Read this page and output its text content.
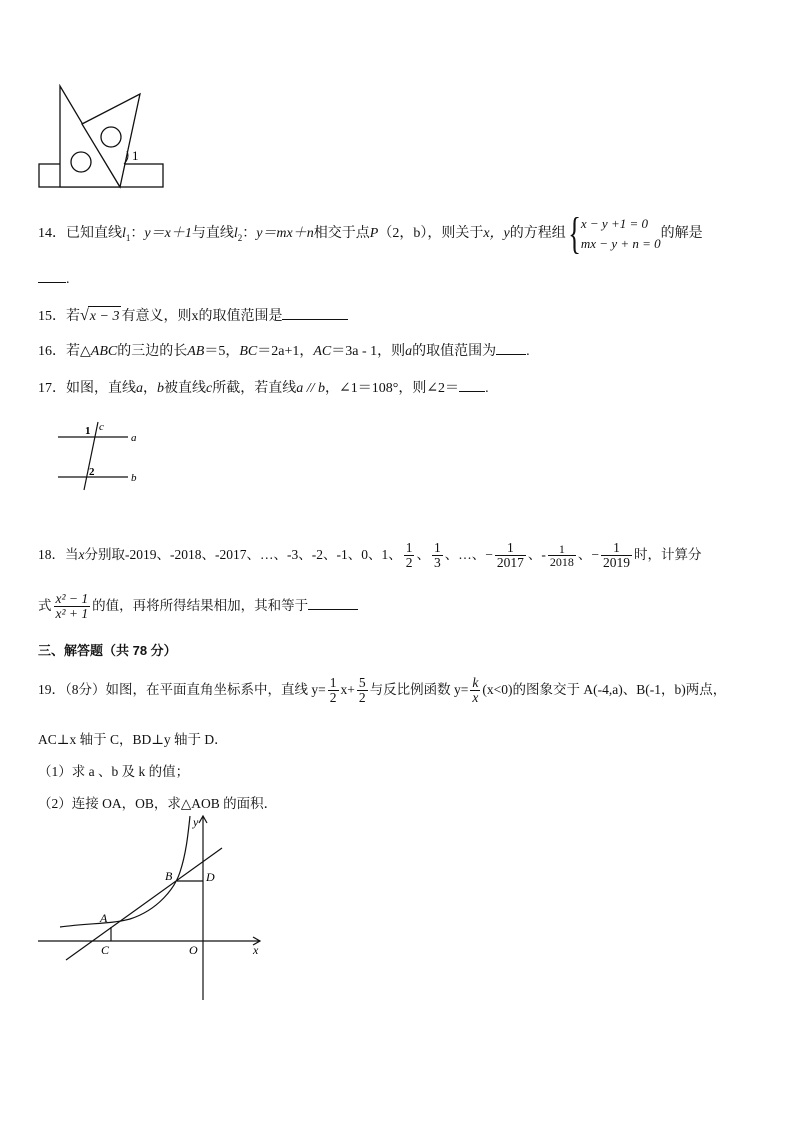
1
14．已知直线$l_1$：y＝x＋1与直线$l_2$：y＝mx＋n相交于点P（2，b），则关于x，y的方程组{ x − y +1 = 0
mx − y + n = 0
的解是
.
15．若√x − 3 有意义，则x的取值范围是
16．若△ABC的三边的长AB＝5，BC＝2a+1，AC＝3a - 1，则a的取值范围为 .
17．如图，直线a，b被直线c所截，若直线a // b，∠1＝108°，则∠2＝ .
1 c
a
2	b
18．当x分别取-2019、-2018、-2017、…、-3、-2、-1、0、1、 $\frac{1}{2}$ 、 $\frac{1}{3}$ 、…、− $\frac{1}{2017}$ 、- $\frac{1}{2018}$ 、− $\frac{1}{2019}$ 时，计算分
式 $\frac{\text{x² − 1}}{\text{x² + 1}}$ 的值，再将所得结果相加，其和等于
三、解答题（共 78 分）
19．（8分）如图，在平面直角坐标系中，直线 $y= \frac{1}{2} x+ \frac{5}{2}$ 与反比例函数 $y= \frac{k}{x} (x<0)$的图象交于 A(-4,a)、B(-1，b)两点，
AC⊥x 轴于 C，BD⊥y 轴于 D．
（1）求 a 、b 及 k 的值；
（2）连接 OA，OB，求△AOB 的面积．
y
B	D
A
C	O	x
